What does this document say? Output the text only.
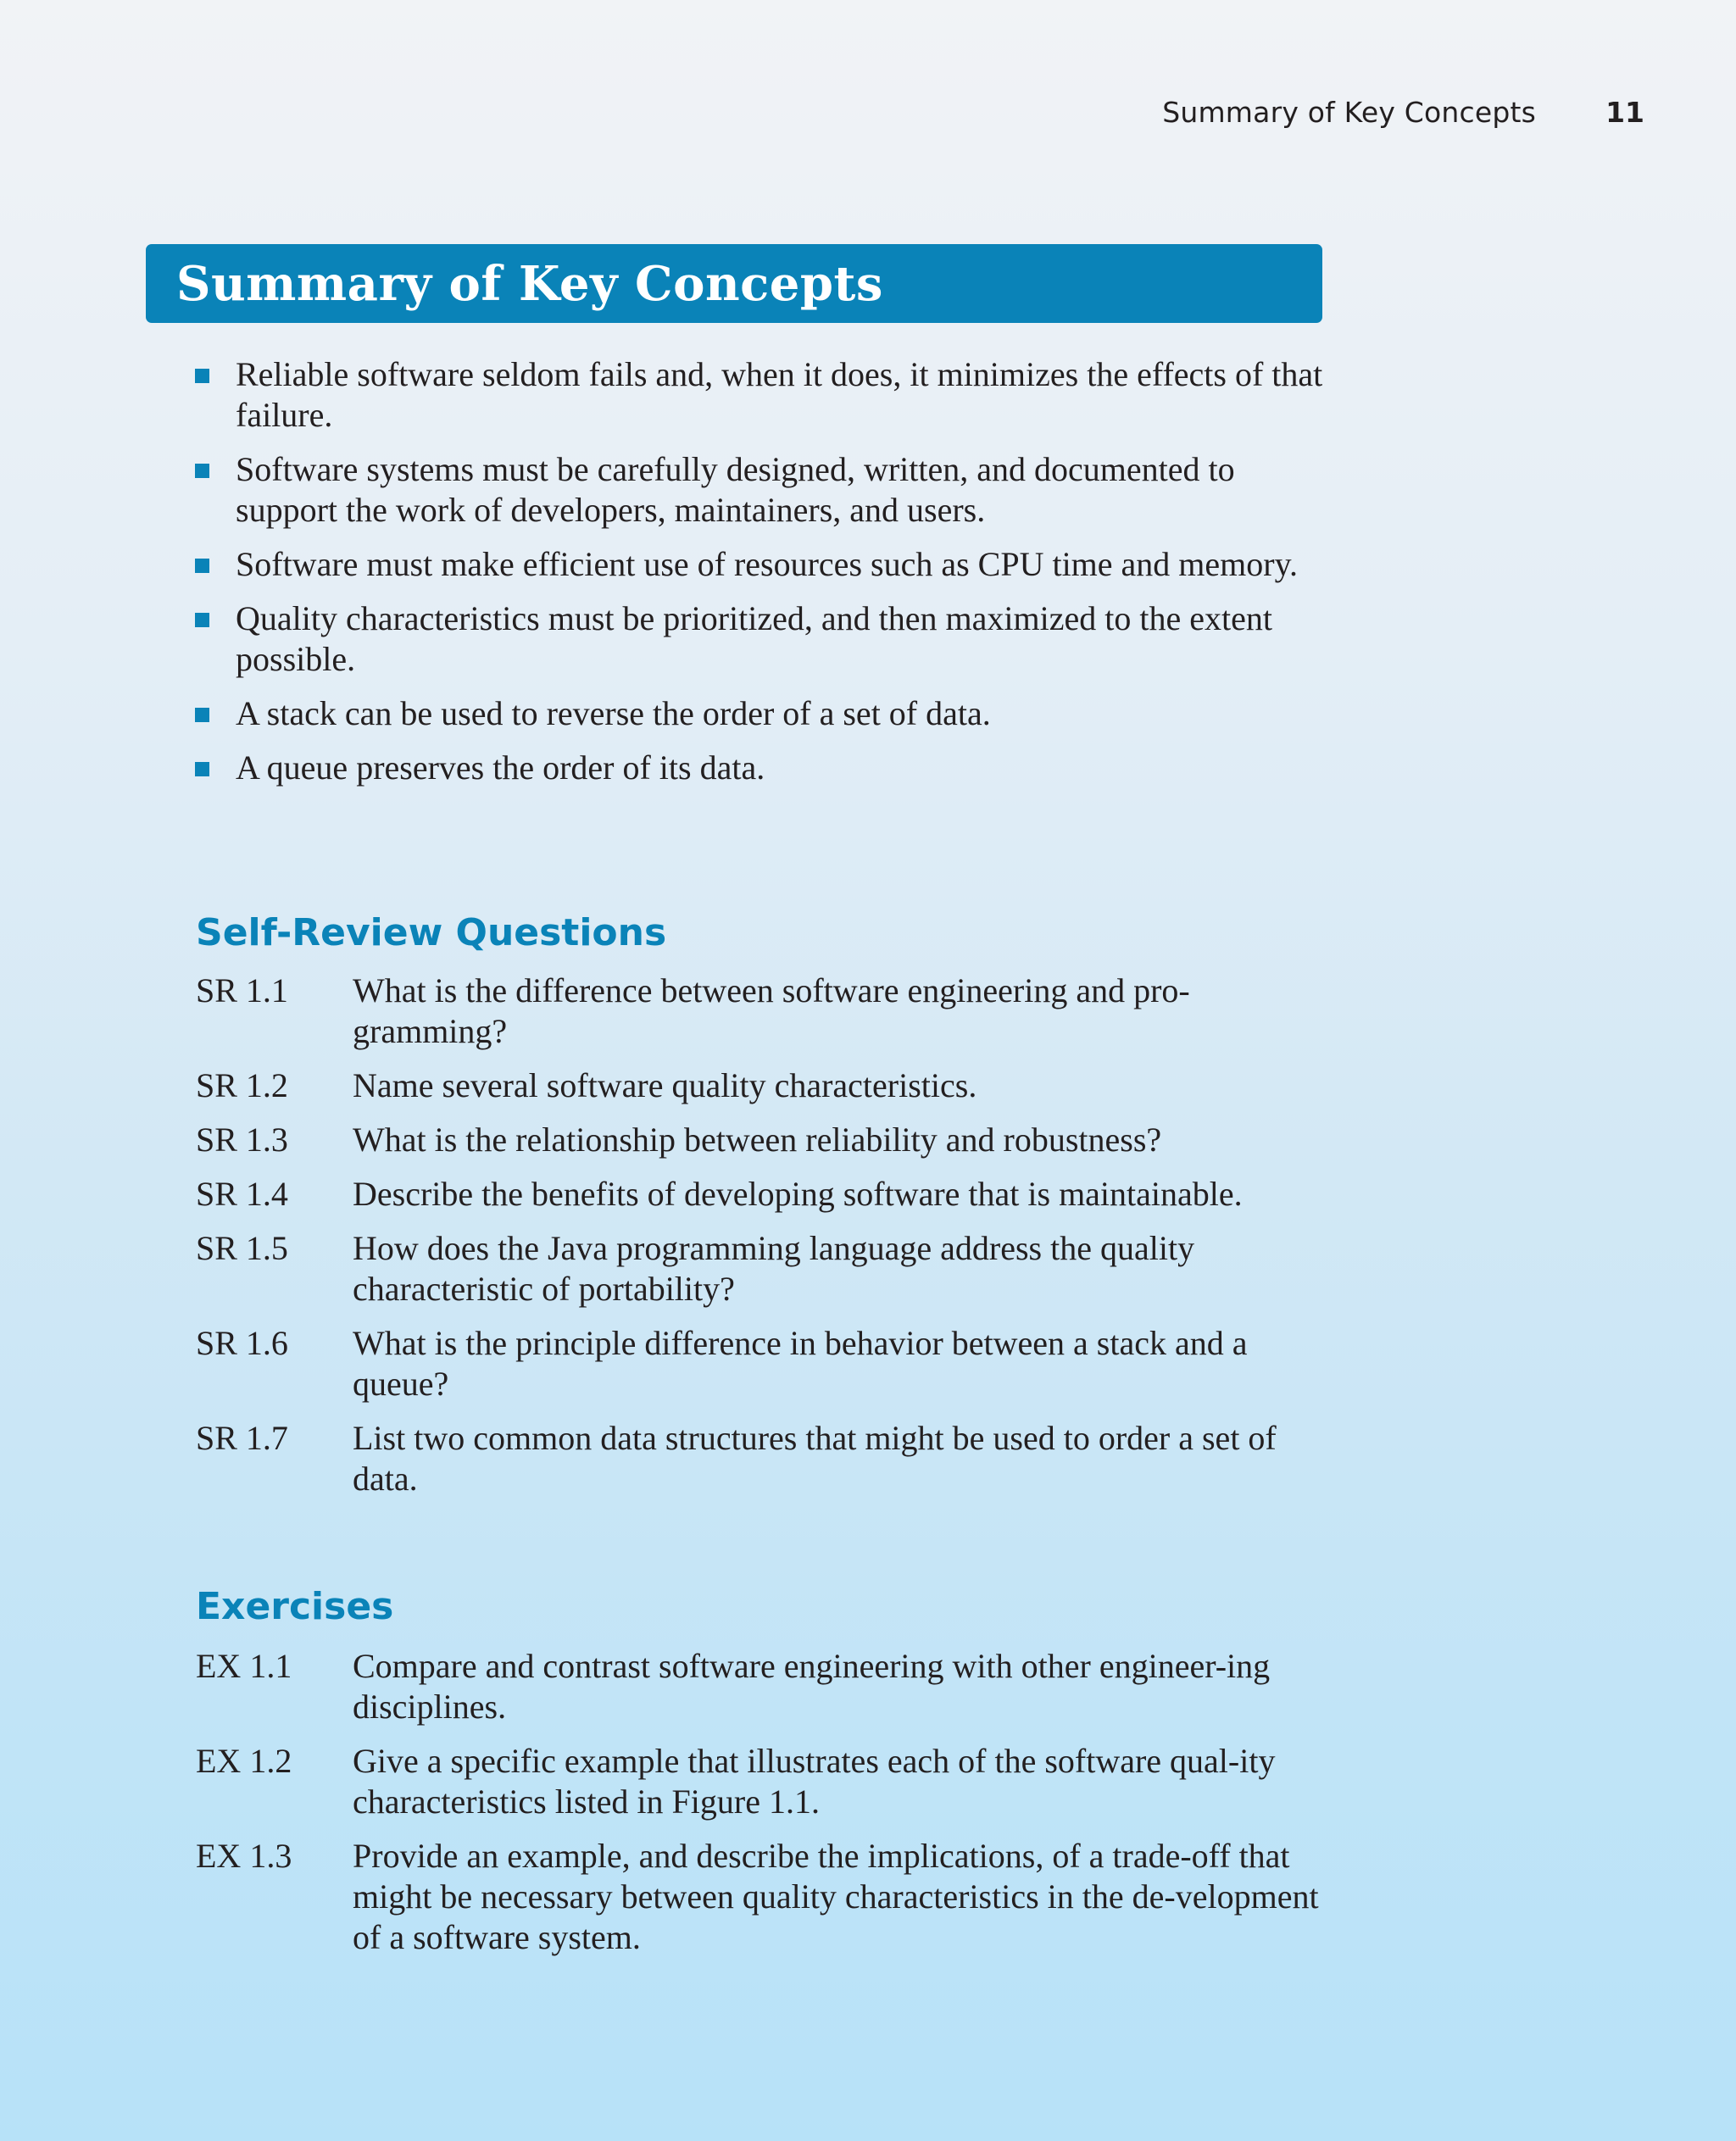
Summary of Key Concepts 11
Summary of Key Concepts
Reliable software seldom fails and, when it does, it minimizes the effects of that failure.
Software systems must be carefully designed, written, and documented to support the work of developers, maintainers, and users.
Software must make efficient use of resources such as CPU time and memory.
Quality characteristics must be prioritized, and then maximized to the extent possible.
A stack can be used to reverse the order of a set of data.
A queue preserves the order of its data.
Self-Review Questions
SR 1.1	What is the difference between software engineering and pro-gramming?
SR 1.2	Name several software quality characteristics.
SR 1.3	What is the relationship between reliability and robustness?
SR 1.4	Describe the benefits of developing software that is maintainable.
SR 1.5	How does the Java programming language address the quality characteristic of portability?
SR 1.6	What is the principle difference in behavior between a stack and a queue?
SR 1.7	List two common data structures that might be used to order a set of data.
Exercises
EX 1.1	Compare and contrast software engineering with other engineer-ing disciplines.
EX 1.2	Give a specific example that illustrates each of the software qual-ity characteristics listed in Figure 1.1.
EX 1.3	Provide an example, and describe the implications, of a trade-off that might be necessary between quality characteristics in the de-velopment of a software system.
